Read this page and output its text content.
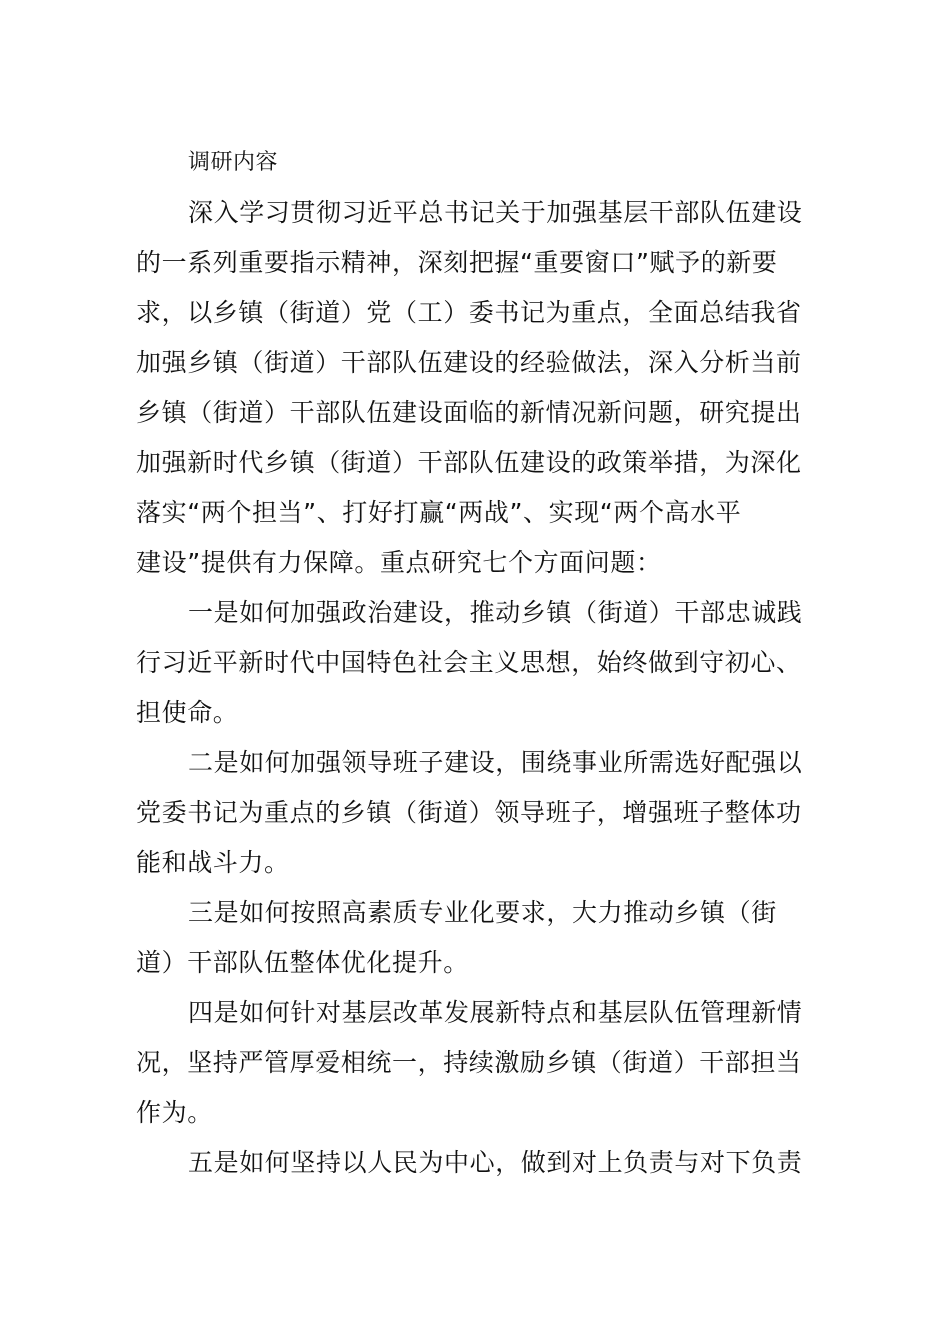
调研内容
深入学习贯彻习近平总书记关于加强基层干部队伍建设
的一系列重要指示精神，深刻把握“重要窗口”赋予的新要
求，以乡镇（街道）党（工）委书记为重点，全面总结我省
加强乡镇（街道）干部队伍建设的经验做法，深入分析当前
乡镇（街道）干部队伍建设面临的新情况新问题，研究提出
加强新时代乡镇（街道）干部队伍建设的政策举措，为深化
落实“两个担当”、打好打赢“两战”、实现“两个高水平
建设”提供有力保障。重点研究七个方面问题：
一是如何加强政治建设，推动乡镇（街道）干部忠诚践
行习近平新时代中国特色社会主义思想，始终做到守初心、
担使命。
二是如何加强领导班子建设，围绕事业所需选好配强以
党委书记为重点的乡镇（街道）领导班子，增强班子整体功
能和战斗力。
三是如何按照高素质专业化要求，大力推动乡镇（街
道）干部队伍整体优化提升。
四是如何针对基层改革发展新特点和基层队伍管理新情
况，坚持严管厚爱相统一，持续激励乡镇（街道）干部担当
作为。
五是如何坚持以人民为中心，做到对上负责与对下负责
